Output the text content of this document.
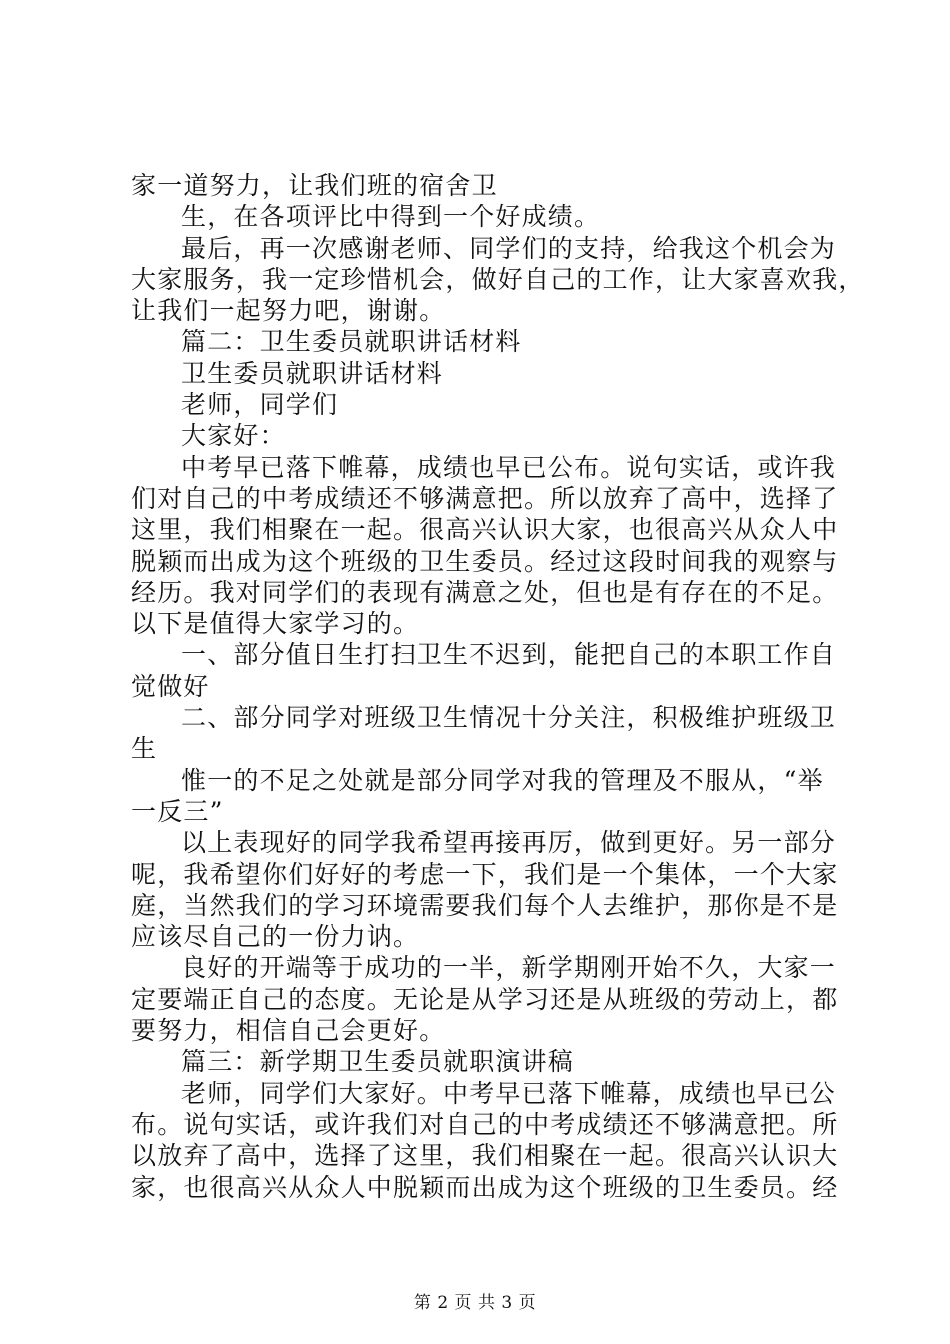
家一道努力，让我们班的宿舍卫
生，在各项评比中得到一个好成绩。
最后，再一次感谢老师、同学们的支持，给我这个机会为
大家服务，我一定珍惜机会，做好自己的工作，让大家喜欢我，
让我们一起努力吧，谢谢。
篇二：卫生委员就职讲话材料
卫生委员就职讲话材料
老师，同学们
大家好：
中考早已落下帷幕，成绩也早已公布。说句实话，或许我
们对自己的中考成绩还不够满意把。所以放弃了高中，选择了
这里，我们相聚在一起。很高兴认识大家，也很高兴从众人中
脱颖而出成为这个班级的卫生委员。经过这段时间我的观察与
经历。我对同学们的表现有满意之处，但也是有存在的不足。
以下是值得大家学习的。
一、部分值日生打扫卫生不迟到，能把自己的本职工作自
觉做好
二、部分同学对班级卫生情况十分关注，积极维护班级卫
生
惟一的不足之处就是部分同学对我的管理及不服从，“举
一反三”
以上表现好的同学我希望再接再厉，做到更好。另一部分
呢，我希望你们好好的考虑一下，我们是一个集体，一个大家
庭，当然我们的学习环境需要我们每个人去维护，那你是不是
应该尽自己的一份力讷。
良好的开端等于成功的一半，新学期刚开始不久，大家一
定要端正自己的态度。无论是从学习还是从班级的劳动上，都
要努力，相信自己会更好。
篇三：新学期卫生委员就职演讲稿
老师，同学们大家好。中考早已落下帷幕，成绩也早已公
布。说句实话，或许我们对自己的中考成绩还不够满意把。所
以放弃了高中，选择了这里，我们相聚在一起。很高兴认识大
家，也很高兴从众人中脱颖而出成为这个班级的卫生委员。经
第 2 页 共 3 页
